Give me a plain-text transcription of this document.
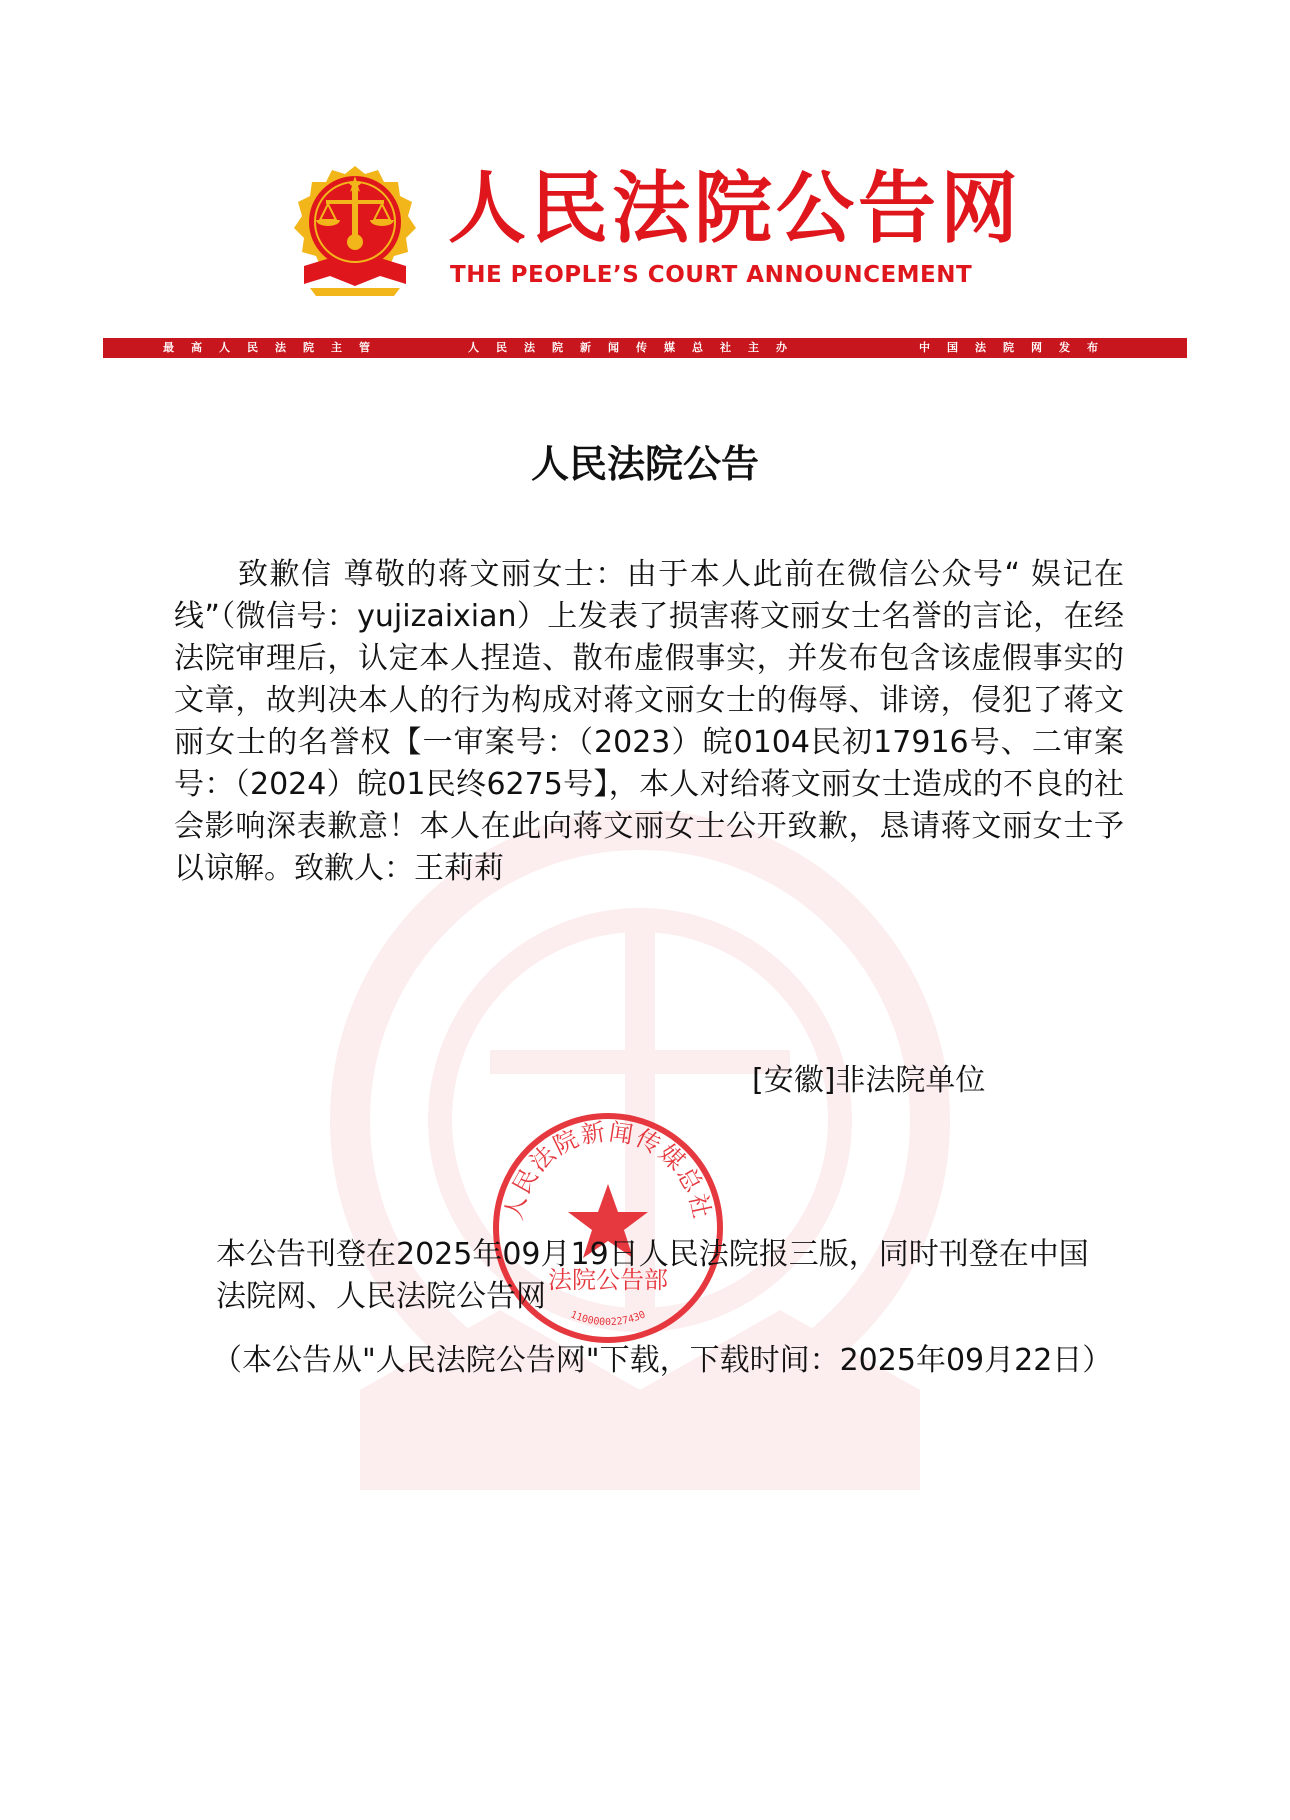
人民法院公告网
THE PEOPLE’S COURT ANNOUNCEMENT
最高人民法院主管	人民法院新闻传媒总社主办	中国法院网发布
人民法院公告
致歉信 尊敬的蒋文丽女士：由于本人此前在微信公众号“ 娱记在线”（微信号：yujizaixian）上发表了损害蒋文丽女士名誉的言论，在经法院审理后，认定本人捏造、散布虚假事实，并发布包含该虚假事实的文章，故判决本人的行为构成对蒋文丽女士的侮辱、诽谤，侵犯了蒋文丽女士的名誉权【一审案号：（2023）皖0104民初17916号、二审案号：（2024）皖01民终6275号】，本人对给蒋文丽女士造成的不良的社会影响深表歉意！本人在此向蒋文丽女士公开致歉，恳请蒋文丽女士予以谅解。致歉人：王莉莉
[安徽]非法院单位
人民法院新闻传媒总社
法院公告部
1100000227430
本公告刊登在2025年09月19日人民法院报三版，同时刊登在中国法院网、人民法院公告网
（本公告从"人民法院公告网"下载，下载时间：2025年09月22日）
